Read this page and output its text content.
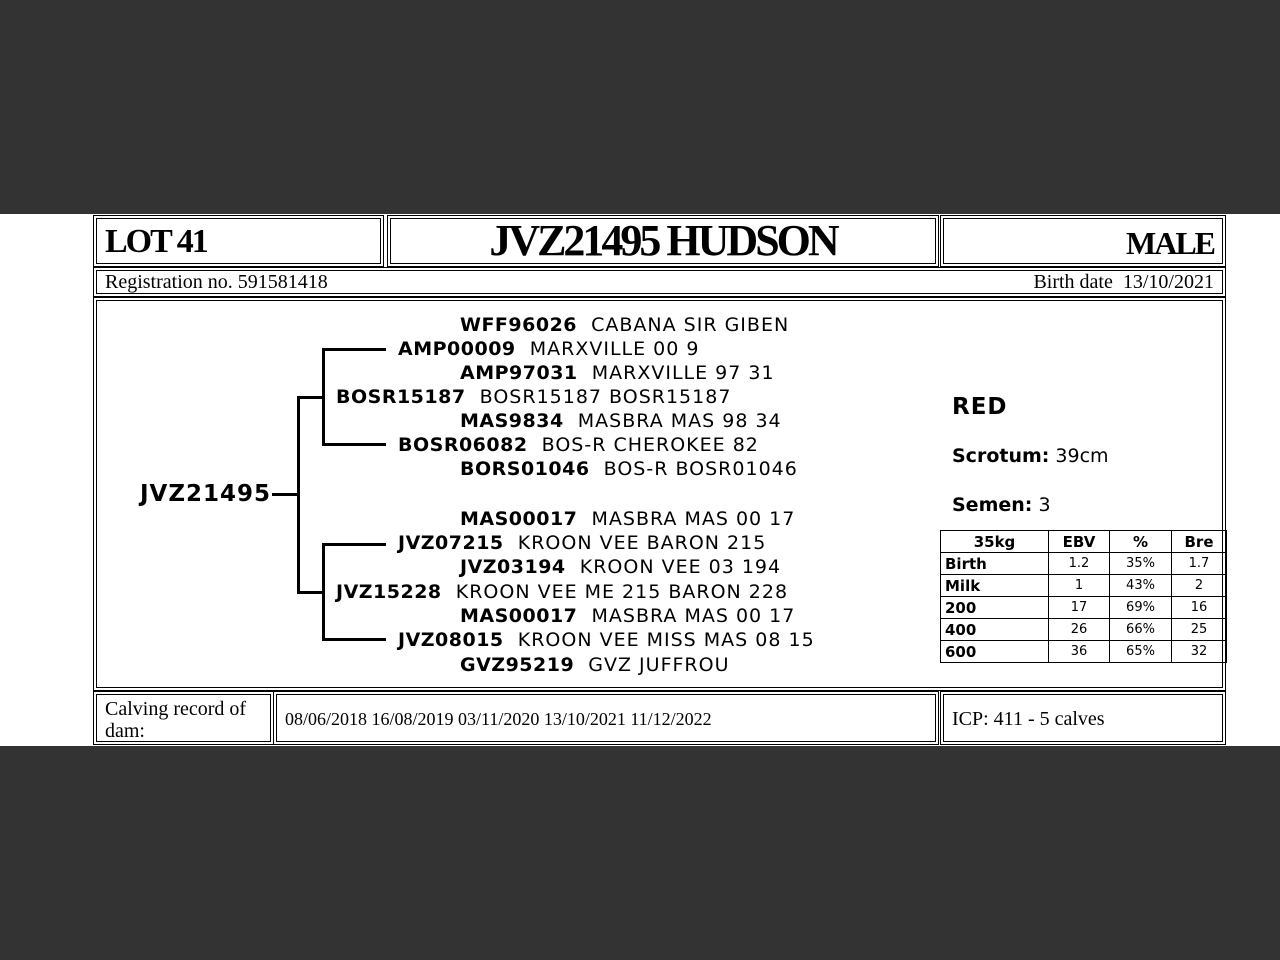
LOT 41	JVZ21495 HUDSON	MALE
Registration no. 591581418	Birth date 13/10/2021
JVZ21495
WFF96026 CABANA SIR GIBEN
AMP00009 MARXVILLE 00 9
AMP97031 MARXVILLE 97 31
BOSR15187 BOSR15187 BOSR15187
MAS9834 MASBRA MAS 98 34
BOSR06082 BOS-R CHEROKEE 82
BORS01046 BOS-R BOSR01046
MAS00017 MASBRA MAS 00 17
JVZ07215 KROON VEE BARON 215
JVZ03194 KROON VEE 03 194
JVZ15228 KROON VEE ME 215 BARON 228
MAS00017 MASBRA MAS 00 17
JVZ08015 KROON VEE MISS MAS 08 15
GVZ95219 GVZ JUFFROU
RED
Scrotum: 39cm
Semen: 3
35kg	EBV	%	Bre
Birth	1.2	35%	1.7
Milk	1	43%	2
200	17	69%	16
400	26	66%	25
600	36	65%	32
Calving record of dam:
08/06/2018 16/08/2019 03/11/2020 13/10/2021 11/12/2022	ICP: 411 - 5 calves
